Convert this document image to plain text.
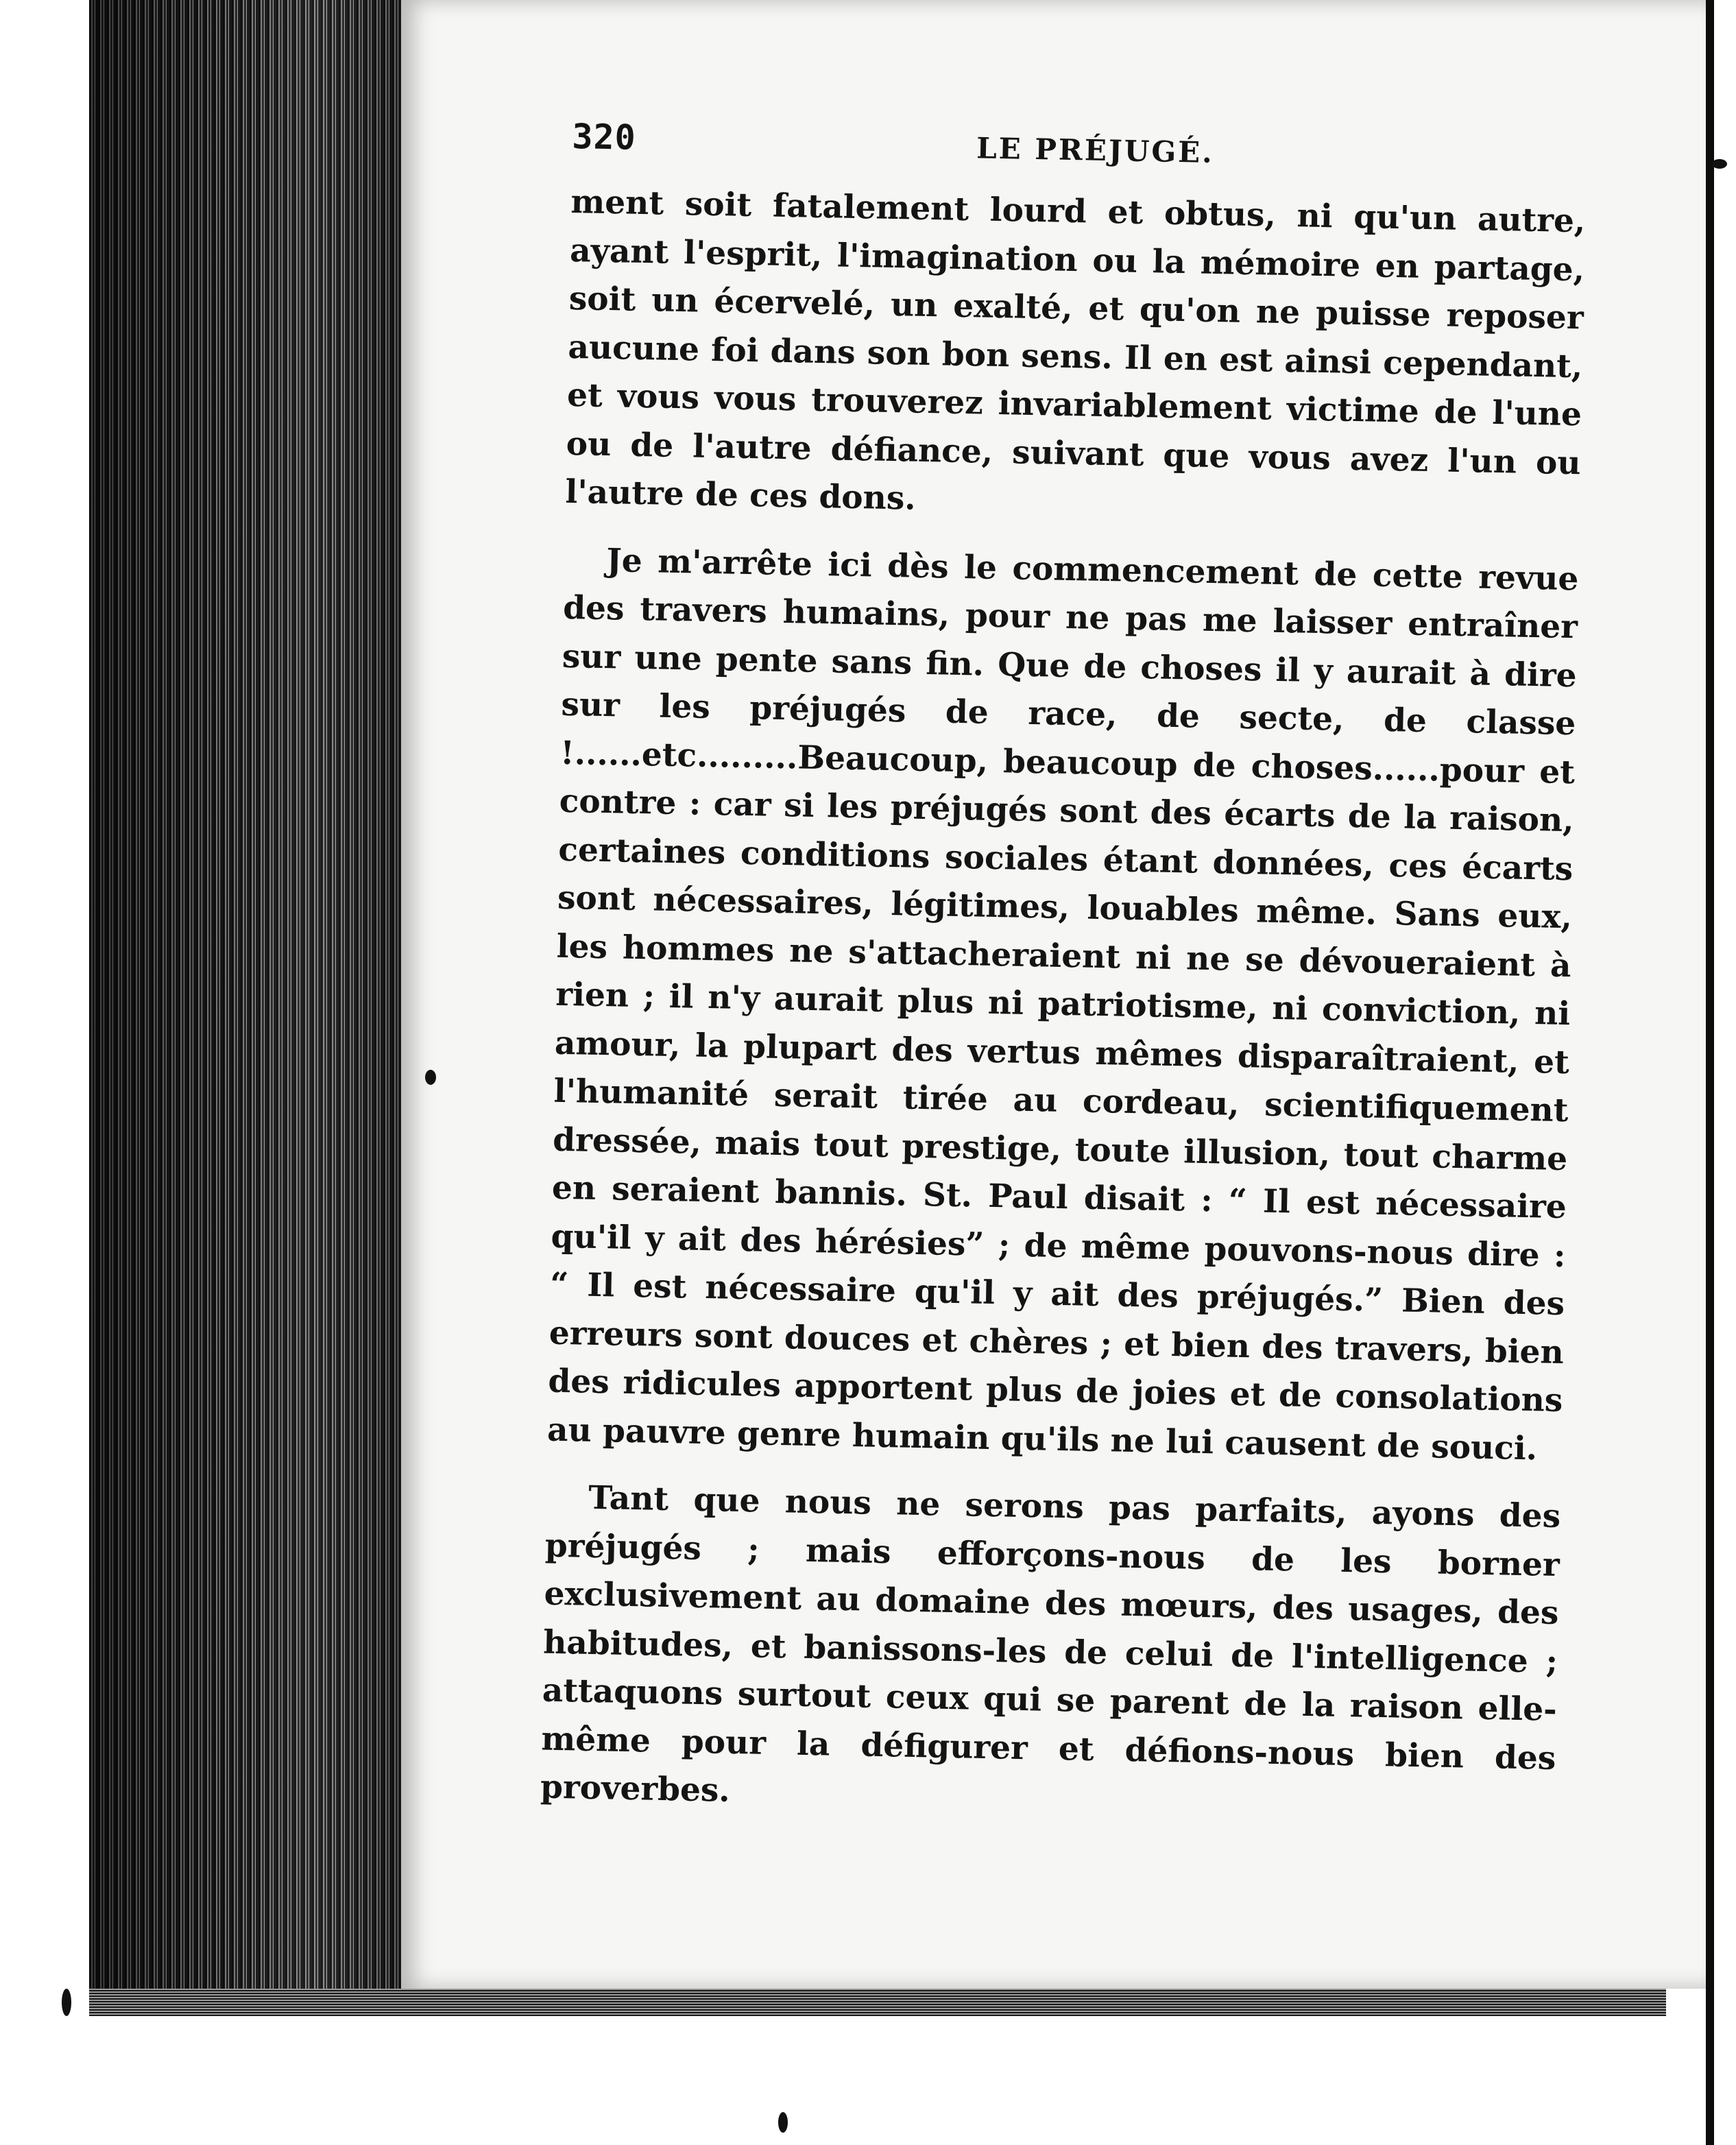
320	LE PRÉJUGÉ.

ment soit fatalement lourd et obtus, ni qu'un autre, ayant l'esprit, l'imagination ou la mémoire en partage, soit un écervelé, un exalté, et qu'on ne puisse reposer aucune foi dans son bon sens. Il en est ainsi cependant, et vous vous trouverez invariablement victime de l'une ou de l'autre défiance, suivant que vous avez l'un ou l'autre de ces dons.

Je m'arrête ici dès le commencement de cette revue des travers humains, pour ne pas me laisser entraîner sur une pente sans fin. Que de choses il y aurait à dire sur les préjugés de race, de secte, de classe !......etc.........Beaucoup, beaucoup de choses......pour et contre : car si les préjugés sont des écarts de la raison, certaines conditions sociales étant données, ces écarts sont nécessaires, légitimes, louables même. Sans eux, les hommes ne s'attacheraient ni ne se dévoueraient à rien ; il n'y aurait plus ni patriotisme, ni conviction, ni amour, la plupart des vertus mêmes disparaîtraient, et l'humanité serait tirée au cordeau, scientifiquement dressée, mais tout prestige, toute illusion, tout charme en seraient bannis. St. Paul disait : “ Il est nécessaire qu'il y ait des hérésies” ; de même pouvons-nous dire : “ Il est nécessaire qu'il y ait des préjugés.” Bien des erreurs sont douces et chères ; et bien des travers, bien des ridicules apportent plus de joies et de consolations au pauvre genre humain qu'ils ne lui causent de souci.

Tant que nous ne serons pas parfaits, ayons des préjugés ; mais efforçons-nous de les borner exclusivement au domaine des mœurs, des usages, des habitudes, et banissons-les de celui de l'intelligence ; attaquons surtout ceux qui se parent de la raison elle-même pour la défigurer et défions-nous bien des proverbes.
